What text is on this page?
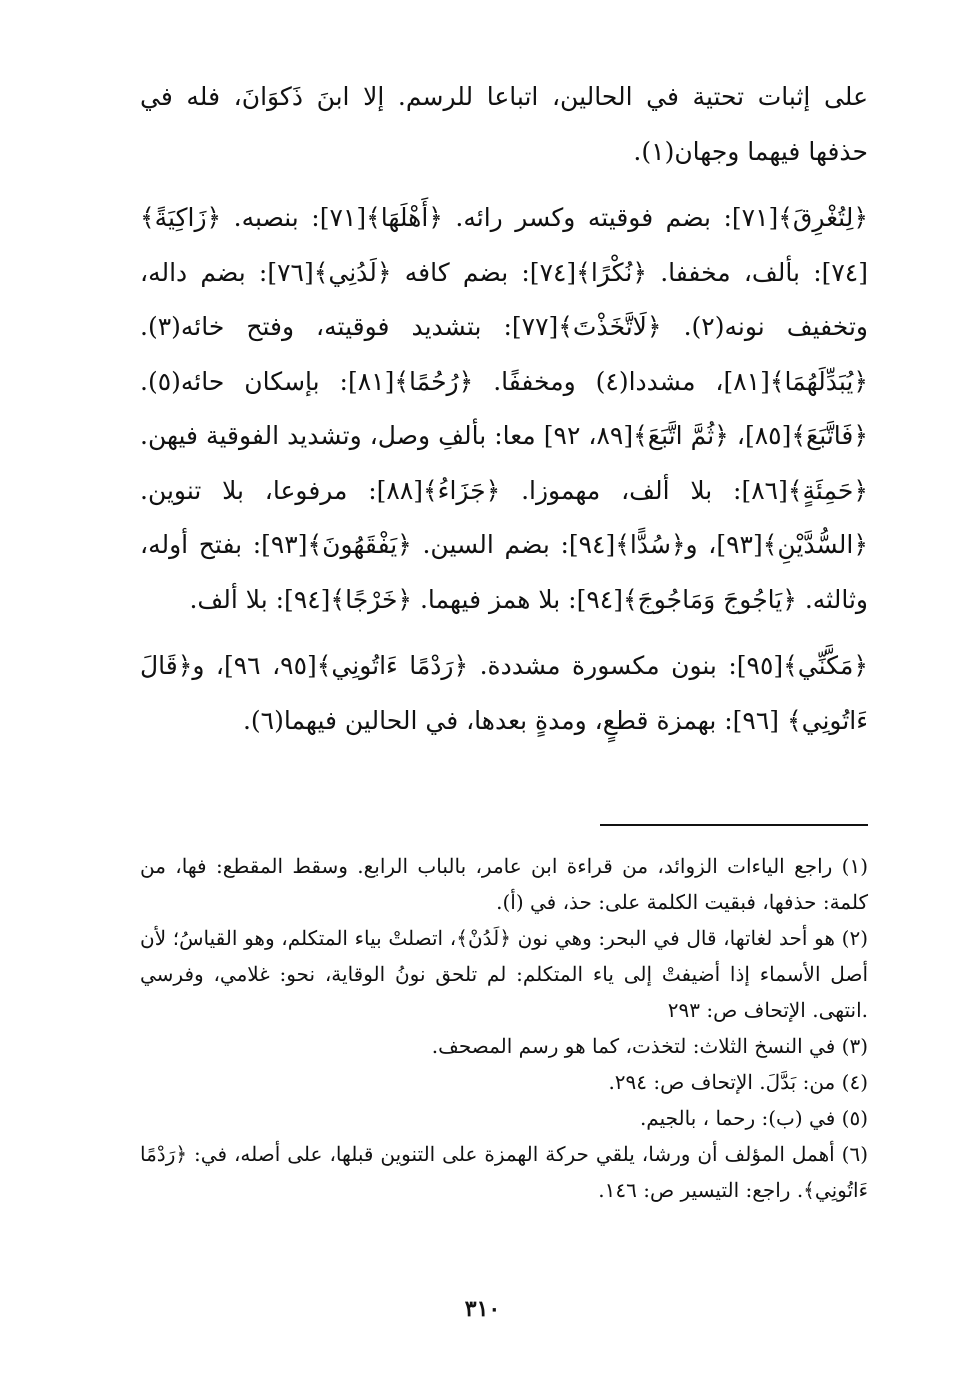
على إثبات تحتية في الحالين، اتباعا للرسم. إلا ابنَ ذَكوَانَ، فله في حذفها فيهما وجهان(١).

﴿لِتُغْرِقَ﴾[٧١]: بضم فوقيته وكسر رائه. ﴿أَهْلَهَا﴾[٧١]: بنصبه. ﴿زَاكِيَةً﴾[٧٤]: بألف، مخففا. ﴿نُكْرًا﴾[٧٤]: بضم كافه ﴿لَدُنِي﴾[٧٦]: بضم داله، وتخفيف نونه(٢). ﴿لَاتَّخَذْتَ﴾[٧٧]: بتشديد فوقيته، وفتح خائه(٣). ﴿يُبَدِّلَهُمَا﴾[٨١]، مشددا(٤) ومخففًا. ﴿رُحُمًا﴾[٨١]: بإسكان حائه(٥). ﴿فَاتَّبَعَ﴾[٨٥]، ﴿ثُمَّ اتَّبَعَ﴾[٨٩، ٩٢] معا: بألفِ وصل، وتشديد الفوقية فيهن. ﴿حَمِئَةٍ﴾[٨٦]: بلا ألف، مهموزا. ﴿جَزَاءُ﴾[٨٨]: مرفوعا، بلا تنوين. ﴿السُّدَّيْنِ﴾[٩٣]، و﴿سُدًّا﴾[٩٤]: بضم السين. ﴿يَفْقَهُونَ﴾[٩٣]: بفتح أوله، وثالثه. ﴿يَاجُوجَ وَمَاجُوجَ﴾[٩٤]: بلا همز فيهما. ﴿خَرْجًا﴾[٩٤]: بلا ألف.

﴿مَكَّنِّي﴾[٩٥]: بنون مكسورة مشددة. ﴿رَدْمًا ءَاتُونِي﴾[٩٥، ٩٦]، و﴿قَالَ ءَاتُونِي﴾ [٩٦]: بهمزة قطعٍ، ومدةٍ بعدها، في الحالين فيهما(٦).

(١) راجع الياءات الزوائد، من قراءة ابن عامر، بالباب الرابع. وسقط المقطع: فها، من كلمة: حذفها، فبقيت الكلمة على: حذ، في (أ).

(٢) هو أحد لغاتها، قال في البحر: وهي نون ﴿لَدُنْ﴾، اتصلتْ بياء المتكلم، وهو القياسُ؛ لأن أصل الأسماء إذا أضيفتْ إلى ياء المتكلم: لم تلحق نونُ الوقاية، نحو: غلامي، وفرسي .انتهى. الإتحاف ص: ٢٩٣

(٣) في النسخ الثلاث: لتخذت، كما هو رسم المصحف.

(٤) من: بَدَّلَ. الإتحاف ص: ٢٩٤.

(٥) في (ب): رحما ، بالجيم.

(٦) أهمل المؤلف أن ورشا، يلقي حركة الهمزة على التنوين قبلها، على أصله، في: ﴿رَدْمًا ءَاتُونِي﴾. راجع: التيسير ص: ١٤٦.

٣١٠
